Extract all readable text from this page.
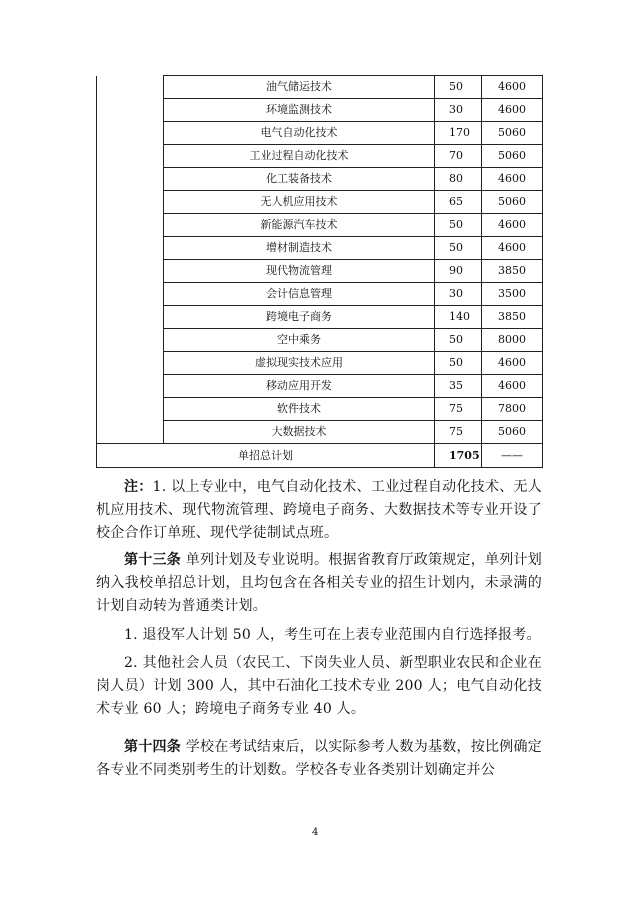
	油气储运技术	50	4600
	环境监测技术	30	4600
	电气自动化技术	170	5060
	工业过程自动化技术	70	5060
	化工装备技术	80	4600
	无人机应用技术	65	5060
	新能源汽车技术	50	4600
	增材制造技术	50	4600
	现代物流管理	90	3850
	会计信息管理	30	3500
	跨境电子商务	140	3850
	空中乘务	50	8000
	虚拟现实技术应用	50	4600
	移动应用开发	35	4600
	软件技术	75	7800
	大数据技术	75	5060
单招总计划		1705	——

注：1. 以上专业中，电气自动化技术、工业过程自动化技术、无人机应用技术、现代物流管理、跨境电子商务、大数据技术等专业开设了校企合作订单班、现代学徒制试点班。

第十三条 单列计划及专业说明。根据省教育厅政策规定，单列计划纳入我校单招总计划，且均包含在各相关专业的招生计划内，未录满的计划自动转为普通类计划。

1. 退役军人计划 50 人，考生可在上表专业范围内自行选择报考。

2. 其他社会人员（农民工、下岗失业人员、新型职业农民和企业在岗人员）计划 300 人，其中石油化工技术专业 200 人；电气自动化技术专业 60 人；跨境电子商务专业 40 人。

第十四条 学校在考试结束后，以实际参考人数为基数，按比例确定各专业不同类别考生的计划数。学校各专业各类别计划确定并公

4
